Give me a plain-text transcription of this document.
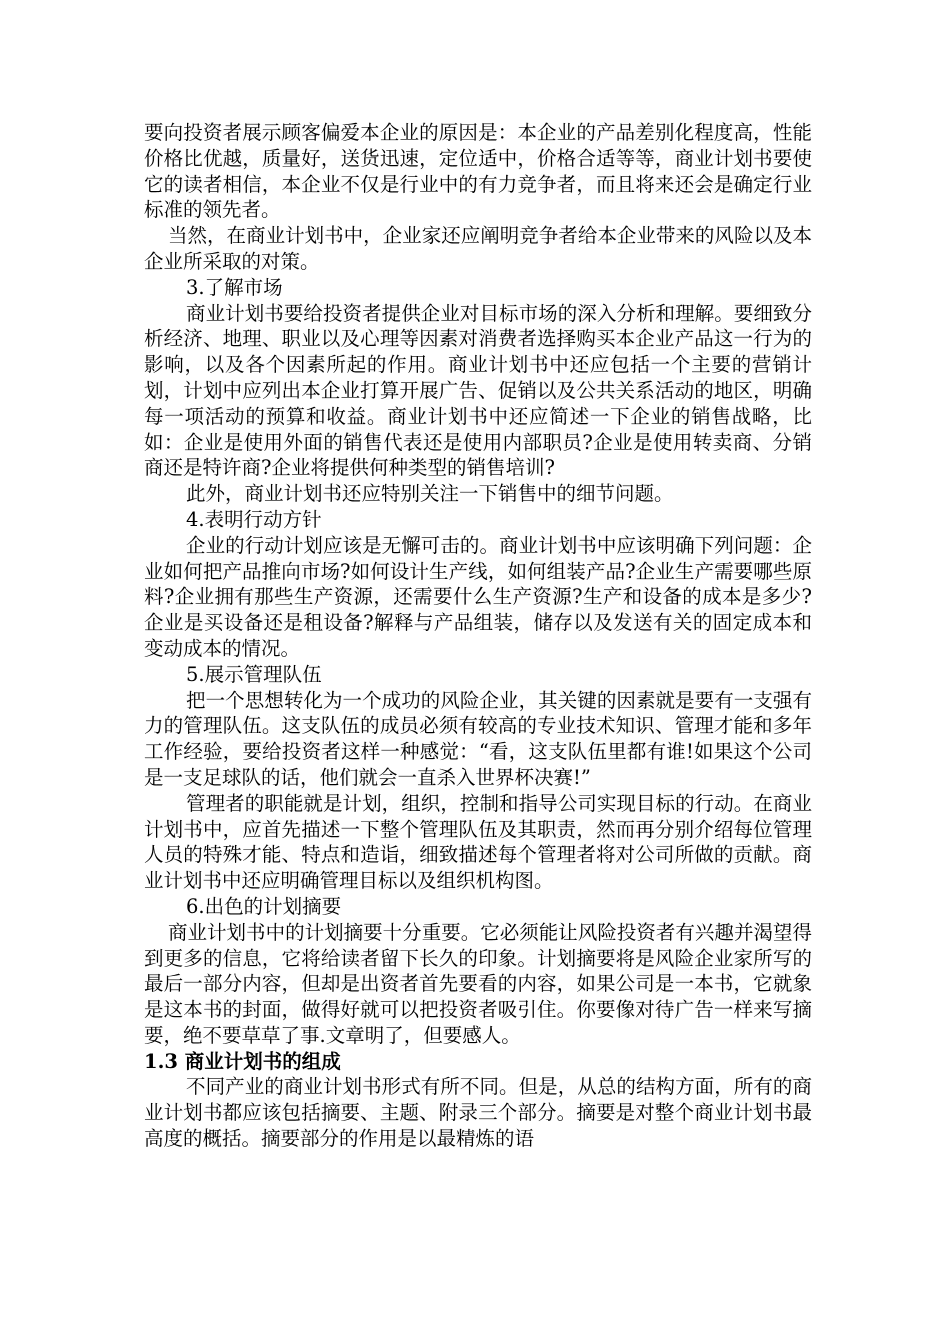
要向投资者展示顾客偏爱本企业的原因是：本企业的产品差别化程度高，性能价格比优越，质量好，送货迅速，定位适中，价格合适等等，商业计划书要使它的读者相信，本企业不仅是行业中的有力竞争者，而且将来还会是确定行业标准的领先者。

当然，在商业计划书中，企业家还应阐明竞争者给本企业带来的风险以及本企业所采取的对策。

3.了解市场

商业计划书要给投资者提供企业对目标市场的深入分析和理解。要细致分析经济、地理、职业以及心理等因素对消费者选择购买本企业产品这一行为的影响，以及各个因素所起的作用。商业计划书中还应包括一个主要的营销计划，计划中应列出本企业打算开展广告、促销以及公共关系活动的地区，明确每一项活动的预算和收益。商业计划书中还应简述一下企业的销售战略，比如：企业是使用外面的销售代表还是使用内部职员?企业是使用转卖商、分销商还是特许商?企业将提供何种类型的销售培训?

此外，商业计划书还应特别关注一下销售中的细节问题。

4.表明行动方针

企业的行动计划应该是无懈可击的。商业计划书中应该明确下列问题：企业如何把产品推向市场?如何设计生产线，如何组装产品?企业生产需要哪些原料?企业拥有那些生产资源，还需要什么生产资源?生产和设备的成本是多少?企业是买设备还是租设备?解释与产品组装，储存以及发送有关的固定成本和变动成本的情况。

5.展示管理队伍

把一个思想转化为一个成功的风险企业，其关键的因素就是要有一支强有力的管理队伍。这支队伍的成员必须有较高的专业技术知识、管理才能和多年工作经验，要给投资者这样一种感觉：“看，这支队伍里都有谁!如果这个公司是一支足球队的话，他们就会一直杀入世界杯决赛!”

管理者的职能就是计划，组织，控制和指导公司实现目标的行动。在商业计划书中，应首先描述一下整个管理队伍及其职责，然而再分别介绍每位管理人员的特殊才能、特点和造诣，细致描述每个管理者将对公司所做的贡献。商业计划书中还应明确管理目标以及组织机构图。

6.出色的计划摘要

商业计划书中的计划摘要十分重要。它必须能让风险投资者有兴趣并渴望得到更多的信息，它将给读者留下长久的印象。计划摘要将是风险企业家所写的最后一部分内容，但却是出资者首先要看的内容，如果公司是一本书，它就象是这本书的封面，做得好就可以把投资者吸引住。你要像对待广告一样来写摘要，绝不要草草了事.文章明了，但要感人。

1.3 商业计划书的组成

不同产业的商业计划书形式有所不同。但是，从总的结构方面，所有的商业计划书都应该包括摘要、主题、附录三个部分。摘要是对整个商业计划书最高度的概括。摘要部分的作用是以最精炼的语
